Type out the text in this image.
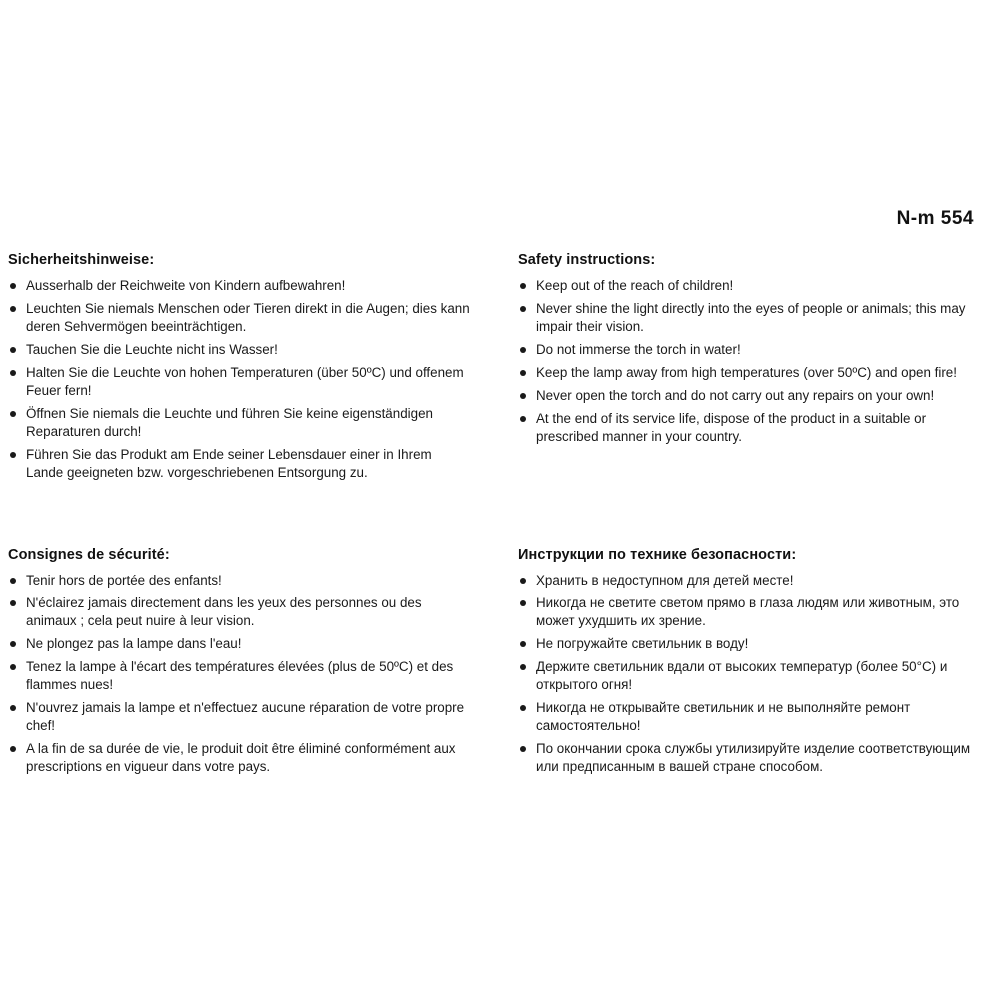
N-m 554
Sicherheitshinweise:
Ausserhalb der Reichweite von Kindern aufbewahren!
Leuchten Sie niemals Menschen oder Tieren direkt in die Augen; dies kann deren Sehvermögen beeinträchtigen.
Tauchen Sie die Leuchte nicht ins Wasser!
Halten Sie die Leuchte von hohen Temperaturen (über 50ºC) und offenem Feuer fern!
Öffnen Sie niemals die Leuchte und führen Sie keine eigenständigen Reparaturen durch!
Führen Sie das Produkt am Ende seiner Lebensdauer einer in Ihrem Lande geeigneten bzw. vorgeschriebenen Entsorgung zu.
Safety instructions:
Keep out of the reach of children!
Never shine the light directly into the eyes of people or animals; this may impair their vision.
Do not immerse the torch in water!
Keep the lamp away from high temperatures (over 50ºC) and open fire!
Never open the torch and do not carry out any repairs on your own!
At the end of its service life, dispose of the product in a suitable or prescribed manner in your country.
Consignes de sécurité:
Tenir hors de portée des enfants!
N'éclairez jamais directement dans les yeux des personnes ou des animaux ; cela peut nuire à leur vision.
Ne plongez pas la lampe dans l'eau!
Tenez la lampe à l'écart des températures élevées (plus de 50ºC) et des flammes nues!
N'ouvrez jamais la lampe et n'effectuez aucune réparation de votre propre chef!
A la fin de sa durée de vie, le produit doit être éliminé conformément aux prescriptions en vigueur dans votre pays.
Инструкции по технике безопасности:
Хранить в недоступном для детей месте!
Никогда не светите светом прямо в глаза людям или животным, это может ухудшить их зрение.
Не погружайте светильник в воду!
Держите светильник вдали от высоких температур (более 50°С) и открытого огня!
Никогда не открывайте светильник и не выполняйте ремонт самостоятельно!
По окончании срока службы утилизируйте изделие соответствующим или предписанным в вашей стране способом.
